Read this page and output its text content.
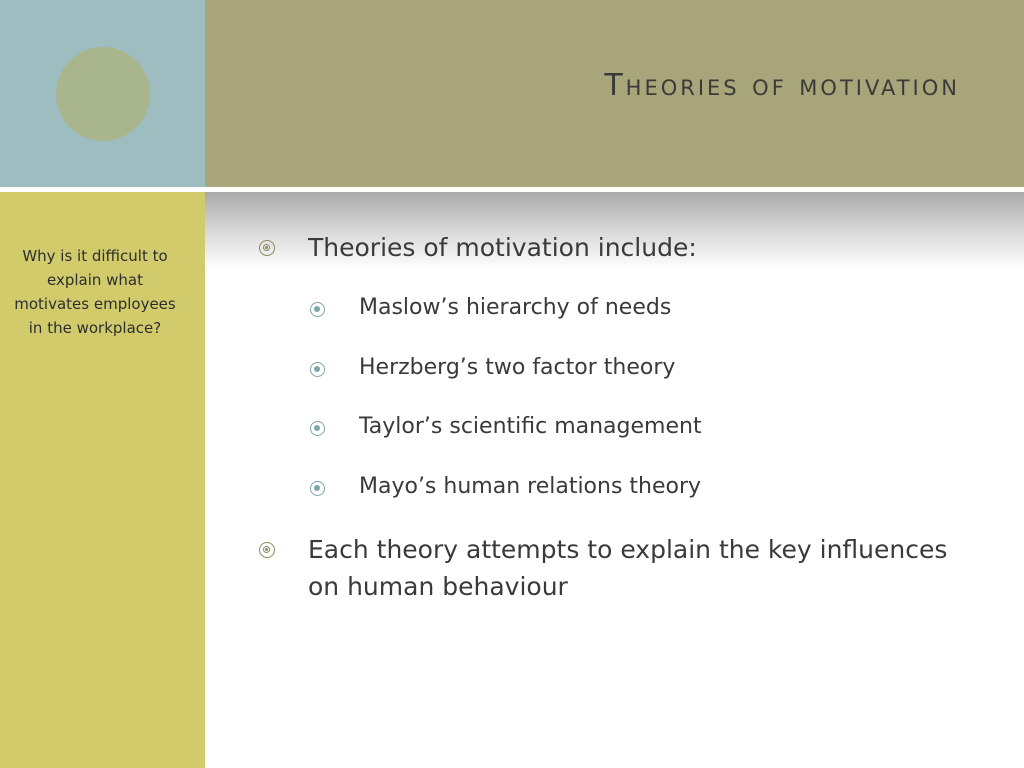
Theories of motivation

Why is it difficult to explain what motivates employees in the workplace?

Theories of motivation include:
Maslow’s hierarchy of needs
Herzberg’s two factor theory
Taylor’s scientific management
Mayo’s human relations theory
Each theory attempts to explain the key influences
on human behaviour
